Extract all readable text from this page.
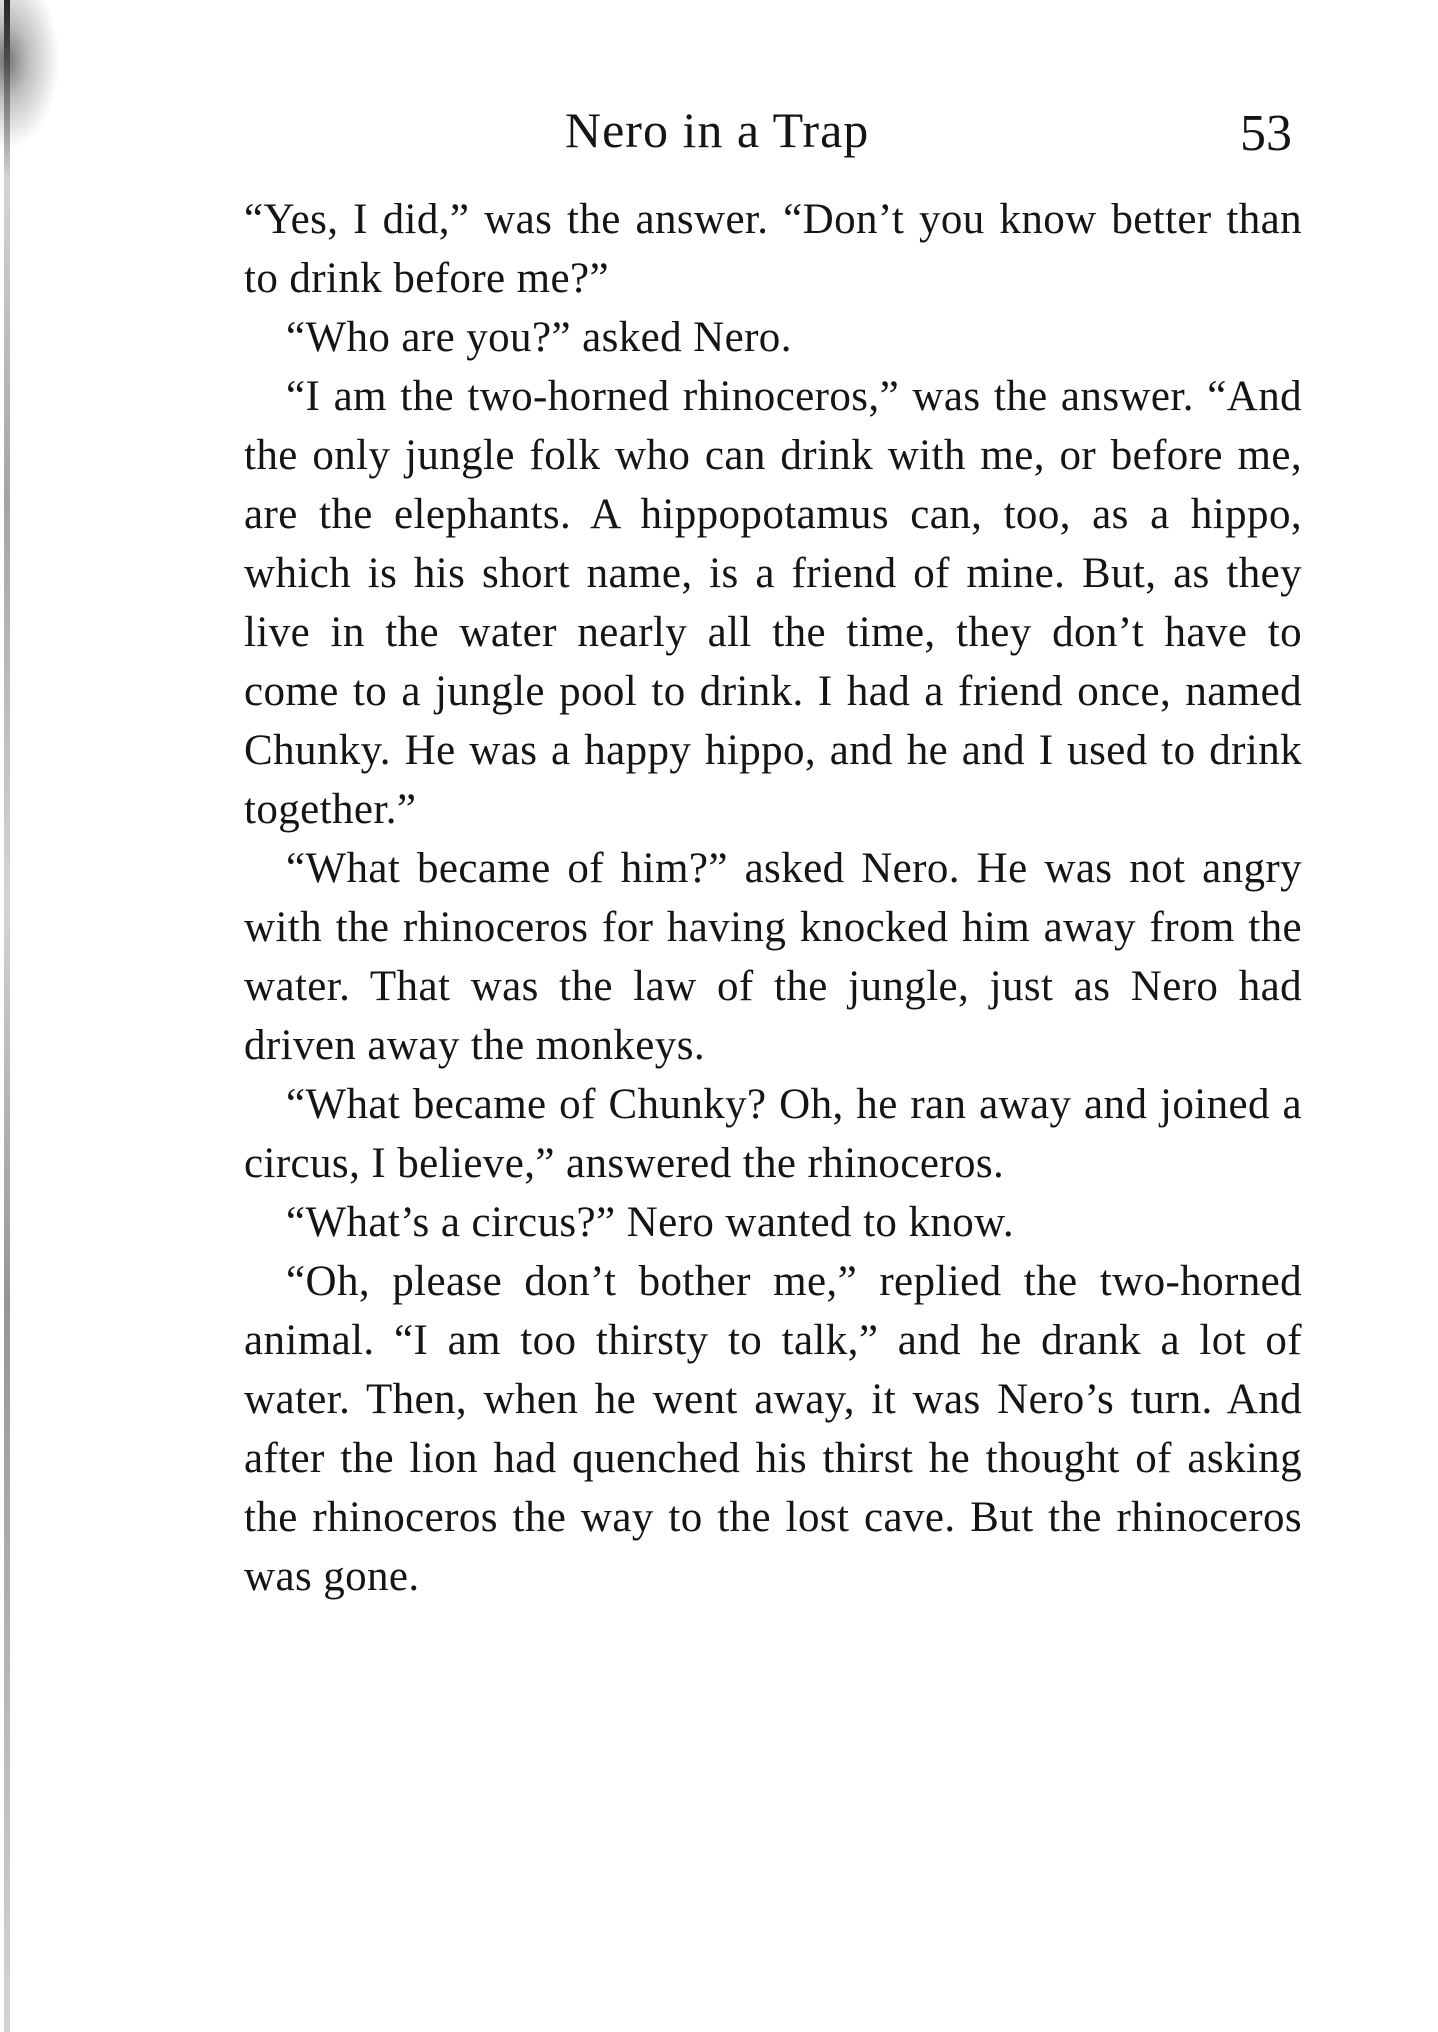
Nero in a Trap	53

“Yes, I did,” was the answer. “Don’t you know better than to drink before me?”

“Who are you?” asked Nero.

“I am the two-horned rhinoceros,” was the answer. “And the only jungle folk who can drink with me, or before me, are the elephants. A hippopotamus can, too, as a hippo, which is his short name, is a friend of mine. But, as they live in the water nearly all the time, they don’t have to come to a jungle pool to drink. I had a friend once, named Chunky. He was a happy hippo, and he and I used to drink together.”

“What became of him?” asked Nero. He was not angry with the rhinoceros for having knocked him away from the water. That was the law of the jungle, just as Nero had driven away the monkeys.

“What became of Chunky? Oh, he ran away and joined a circus, I believe,” answered the rhinoceros.

“What’s a circus?” Nero wanted to know.

“Oh, please don’t bother me,” replied the two-horned animal. “I am too thirsty to talk,” and he drank a lot of water. Then, when he went away, it was Nero’s turn. And after the lion had quenched his thirst he thought of asking the rhinoceros the way to the lost cave. But the rhinoceros was gone.
